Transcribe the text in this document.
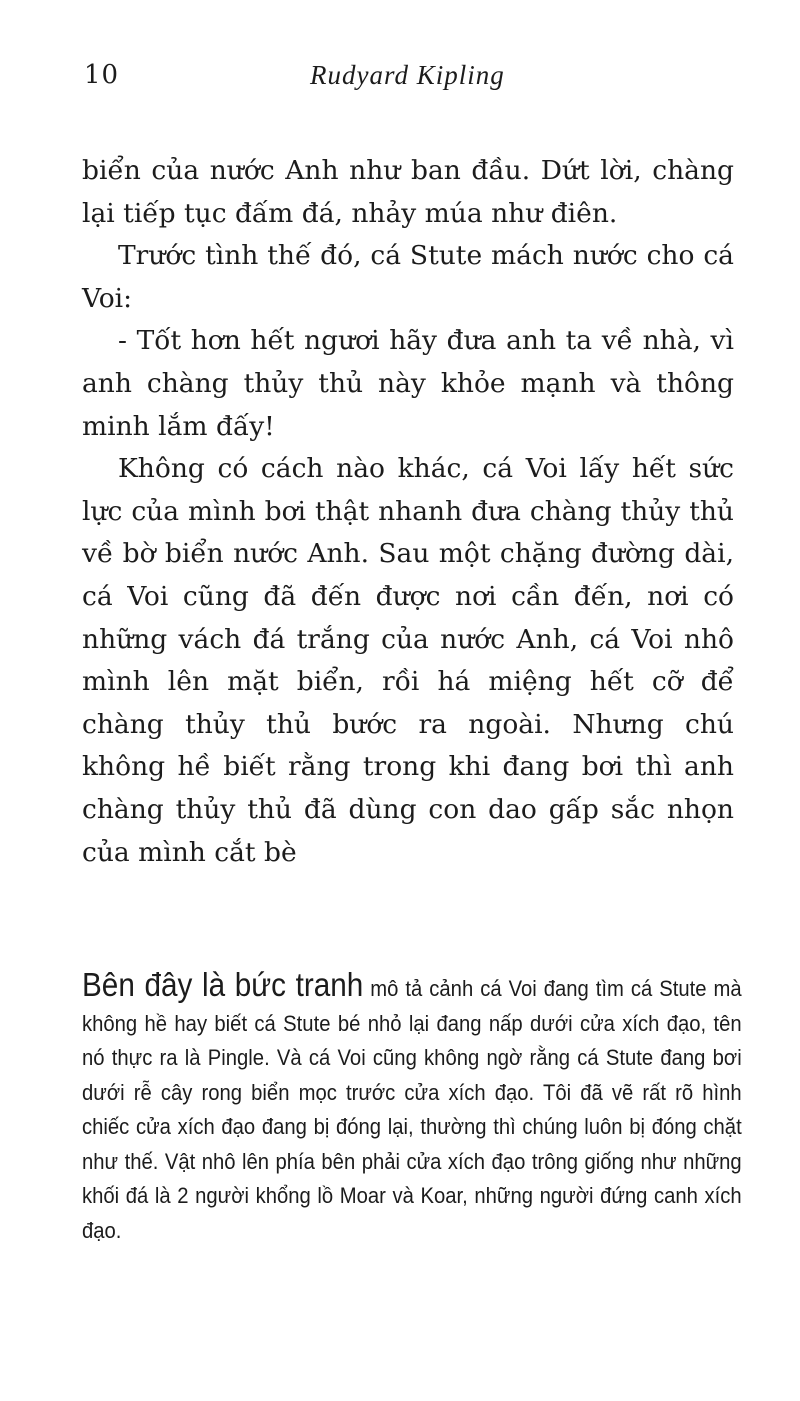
10	Rudyard Kipling

biển của nước Anh như ban đầu. Dứt lời, chàng lại tiếp tục đấm đá, nhảy múa như điên.

Trước tình thế đó, cá Stute mách nước cho cá Voi:

- Tốt hơn hết ngươi hãy đưa anh ta về nhà, vì anh chàng thủy thủ này khỏe mạnh và thông minh lắm đấy!

Không có cách nào khác, cá Voi lấy hết sức lực của mình bơi thật nhanh đưa chàng thủy thủ về bờ biển nước Anh. Sau một chặng đường dài, cá Voi cũng đã đến được nơi cần đến, nơi có những vách đá trắng của nước Anh, cá Voi nhô mình lên mặt biển, rồi há miệng hết cỡ để chàng thủy thủ bước ra ngoài. Nhưng chú không hề biết rằng trong khi đang bơi thì anh chàng thủy thủ đã dùng con dao gấp sắc nhọn của mình cắt bè

Bên đây là bức tranh mô tả cảnh cá Voi đang tìm cá Stute mà không hề hay biết cá Stute bé nhỏ lại đang nấp dưới cửa xích đạo, tên nó thực ra là Pingle. Và cá Voi cũng không ngờ rằng cá Stute đang bơi dưới rễ cây rong biển mọc trước cửa xích đạo. Tôi đã vẽ rất rõ hình chiếc cửa xích đạo đang bị đóng lại, thường thì chúng luôn bị đóng chặt như thế. Vật nhô lên phía bên phải cửa xích đạo trông giống như những khối đá là 2 người khổng lồ Moar và Koar, những người đứng canh xích đạo.
